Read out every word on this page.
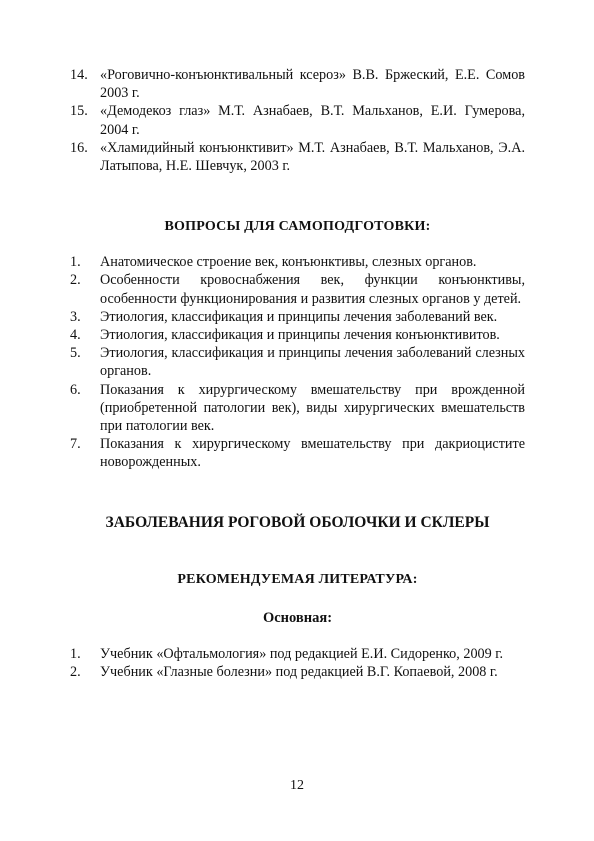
14. «Роговично-конъюнктивальный ксероз» В.В. Бржеский, Е.Е. Сомов 2003 г.
15. «Демодекоз глаз» М.Т. Азнабаев, В.Т. Мальханов, Е.И. Гумерова, 2004 г.
16. «Хламидийный конъюнктивит» М.Т. Азнабаев, В.Т. Мальханов, Э.А. Латыпова, Н.Е. Шевчук, 2003 г.
ВОПРОСЫ ДЛЯ САМОПОДГОТОВКИ:
1.	Анатомическое строение век, конъюнктивы, слезных органов.
2.	Особенности кровоснабжения век, функции конъюнктивы, особенности функционирования и развития слезных органов у детей.
3.	Этиология, классификация и принципы лечения заболеваний век.
4.	Этиология, классификация и принципы лечения конъюнктивитов.
5.	Этиология, классификация и принципы лечения заболеваний слезных органов.
6.	Показания к хирургическому вмешательству при врожденной (приобретенной патологии век), виды хирургических вмешательств при патологии век.
7.	Показания к хирургическому вмешательству при дакриоциститe новорожденных.
ЗАБОЛЕВАНИЯ РОГОВОЙ ОБОЛОЧКИ И СКЛЕРЫ
РЕКОМЕНДУЕМАЯ ЛИТЕРАТУРА:
Основная:
1.	Учебник «Офтальмология» под редакцией Е.И. Сидоренко, 2009 г.
2.	Учебник «Глазные болезни» под редакцией В.Г. Копаевой, 2008 г.
12
